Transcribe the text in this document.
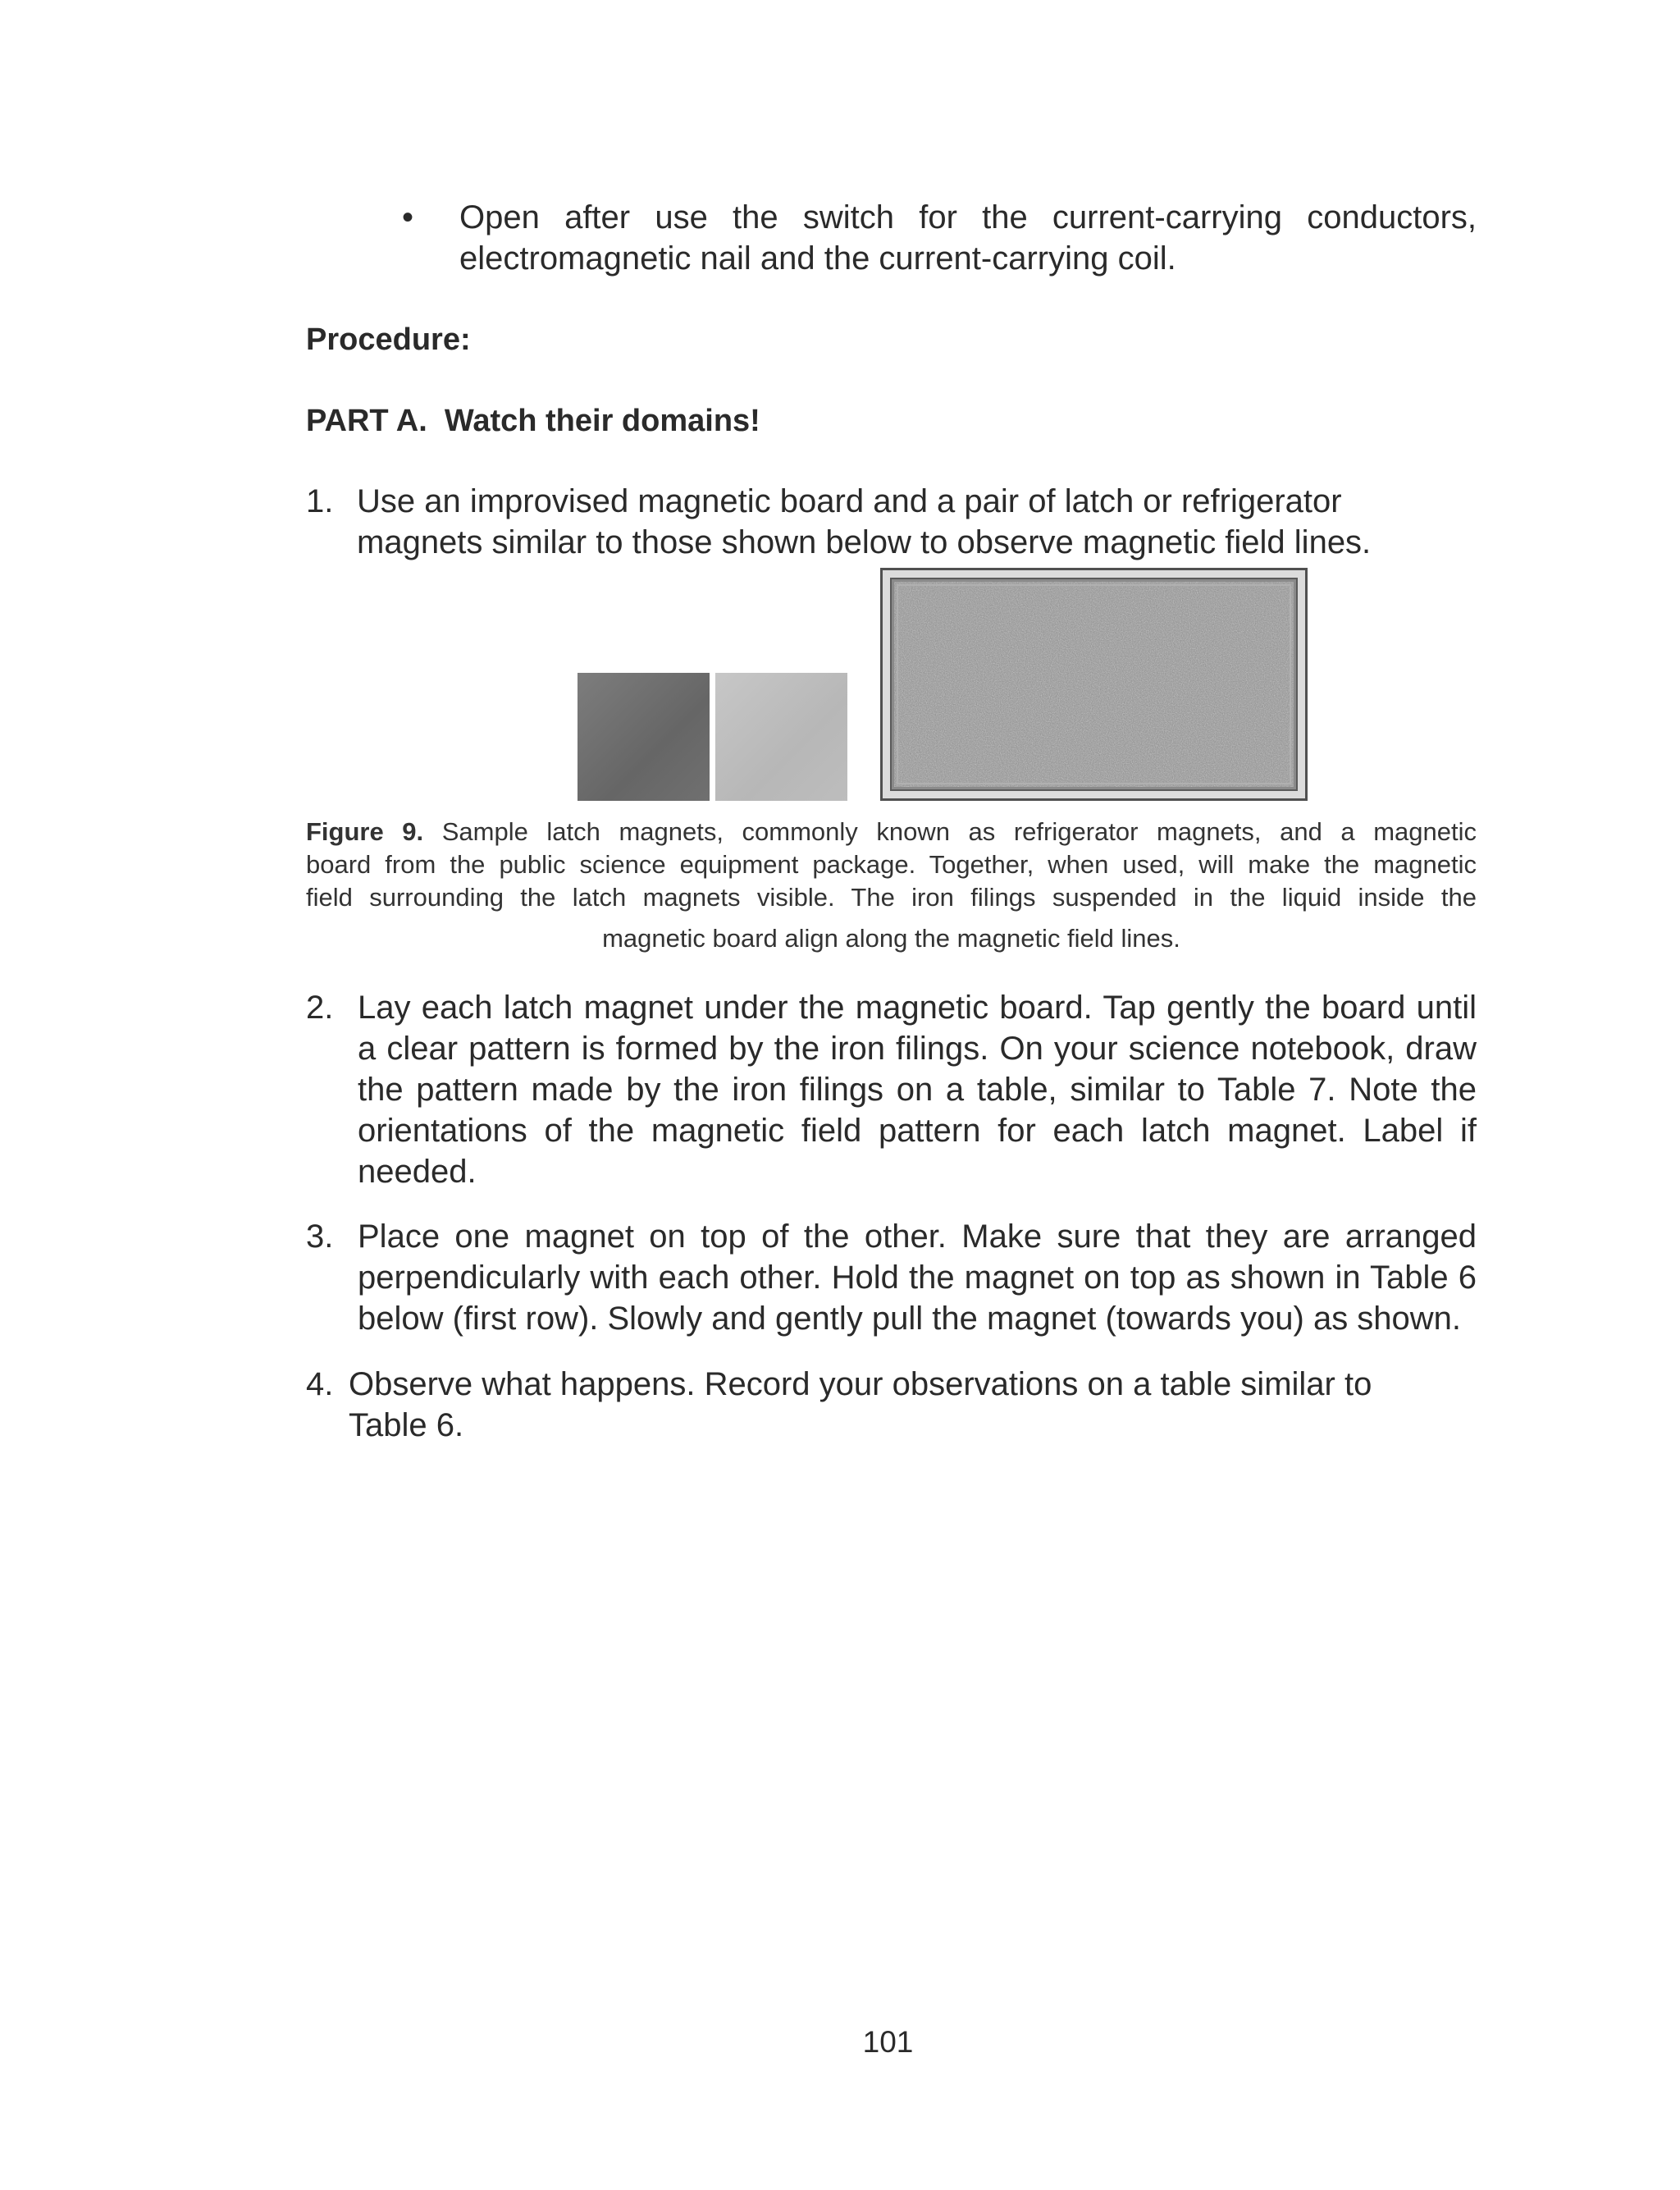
•	Open after use the switch for the current-carrying conductors, electromagnetic nail and the current-carrying coil.
Procedure:
PART A.  Watch their domains!
1. Use an improvised magnetic board and a pair of latch or refrigerator magnets similar to those shown below to observe magnetic field lines.
Figure 9. Sample latch magnets, commonly known as refrigerator magnets, and a magnetic
board from the public science equipment package. Together, when used, will make the magnetic
field surrounding the latch magnets visible. The iron filings suspended in the liquid inside the
magnetic board align along the magnetic field lines.
2. Lay each latch magnet under the magnetic board. Tap gently the board until a clear pattern is formed by the iron filings. On your science notebook, draw the pattern made by the iron filings on a table, similar to Table 7. Note the orientations of the magnetic field pattern for each latch magnet. Label if needed.
3. Place one magnet on top of the other. Make sure that they are arranged perpendicularly with each other. Hold the magnet on top as shown in Table 6 below (first row). Slowly and gently pull the magnet (towards you) as shown.
4. Observe what happens. Record your observations on a table similar to Table 6.
101
